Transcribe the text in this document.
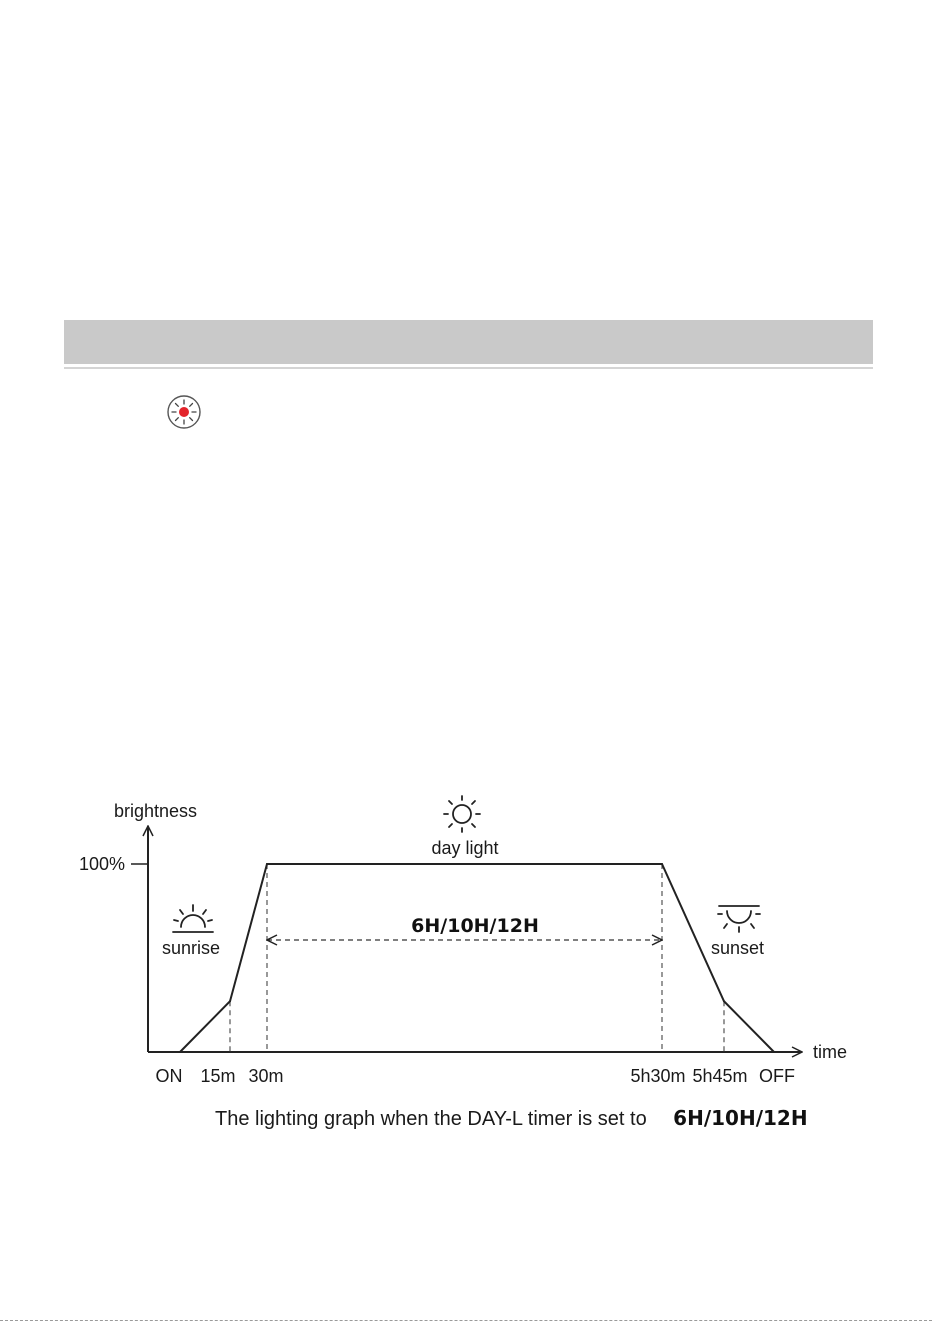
brightness
time
100%
6H/10H/12H
sunrise
day light
sunset
ON 15m 30m	5h30m 5h45m OFF
The lighting graph when the DAY-L timer is set to 6H/10H/12H
